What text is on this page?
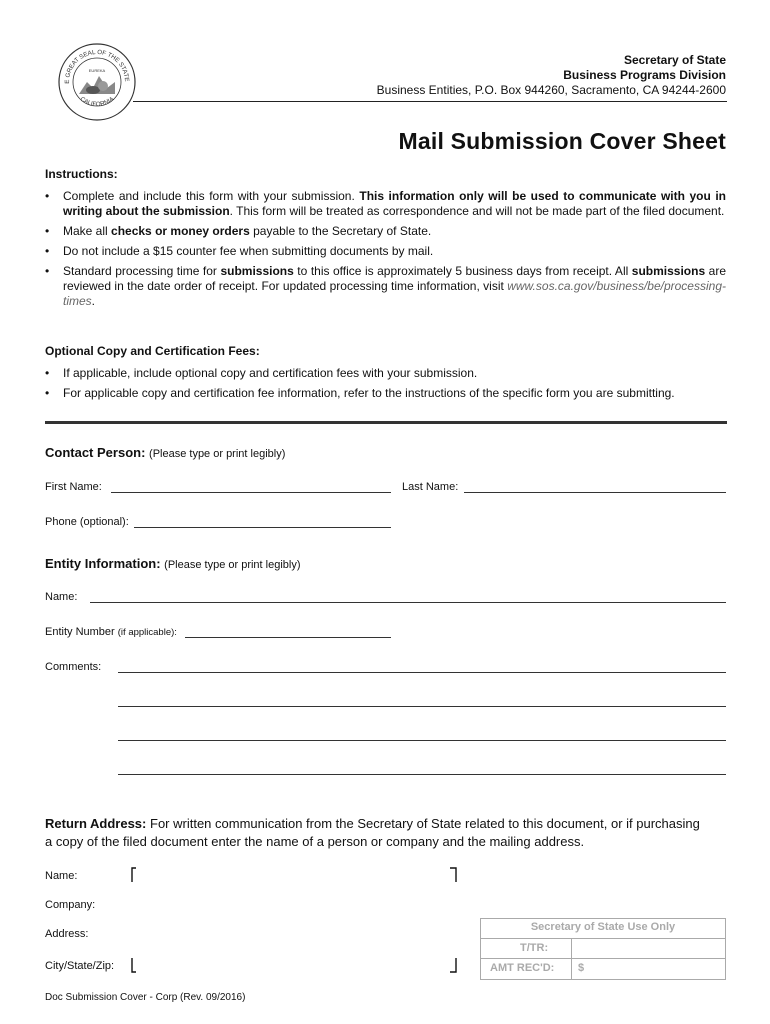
E GREAT SEAL OF THE STATE
CALIFORNIA
EUREKA
Secretary of State
Business Programs Division
Business Entities, P.O. Box 944260, Sacramento, CA 94244-2600
Mail Submission Cover Sheet
Instructions:
• Complete and include this form with your submission. This information only will be used to communicate with you in writing about the submission. This form will be treated as correspondence and will not be made part of the filed document.
• Make all checks or money orders payable to the Secretary of State.
• Do not include a $15 counter fee when submitting documents by mail.
• Standard processing time for submissions to this office is approximately 5 business days from receipt. All submissions are reviewed in the date order of receipt. For updated processing time information, visit www.sos.ca.gov/business/be/processing-times.
Optional Copy and Certification Fees:
• If applicable, include optional copy and certification fees with your submission.
• For applicable copy and certification fee information, refer to the instructions of the specific form you are submitting.
Contact Person: (Please type or print legibly)
First Name:	Last Name:
Phone (optional):
Entity Information: (Please type or print legibly)
Name:
Entity Number (if applicable):
Comments:
Return Address: For written communication from the Secretary of State related to this document, or if purchasing a copy of the filed document enter the name of a person or company and the mailing address.
Name:
Company:
Address:
City/State/Zip:
Secretary of State Use Only
T/TR:
AMT REC'D: $
Doc Submission Cover - Corp (Rev. 09/2016)
